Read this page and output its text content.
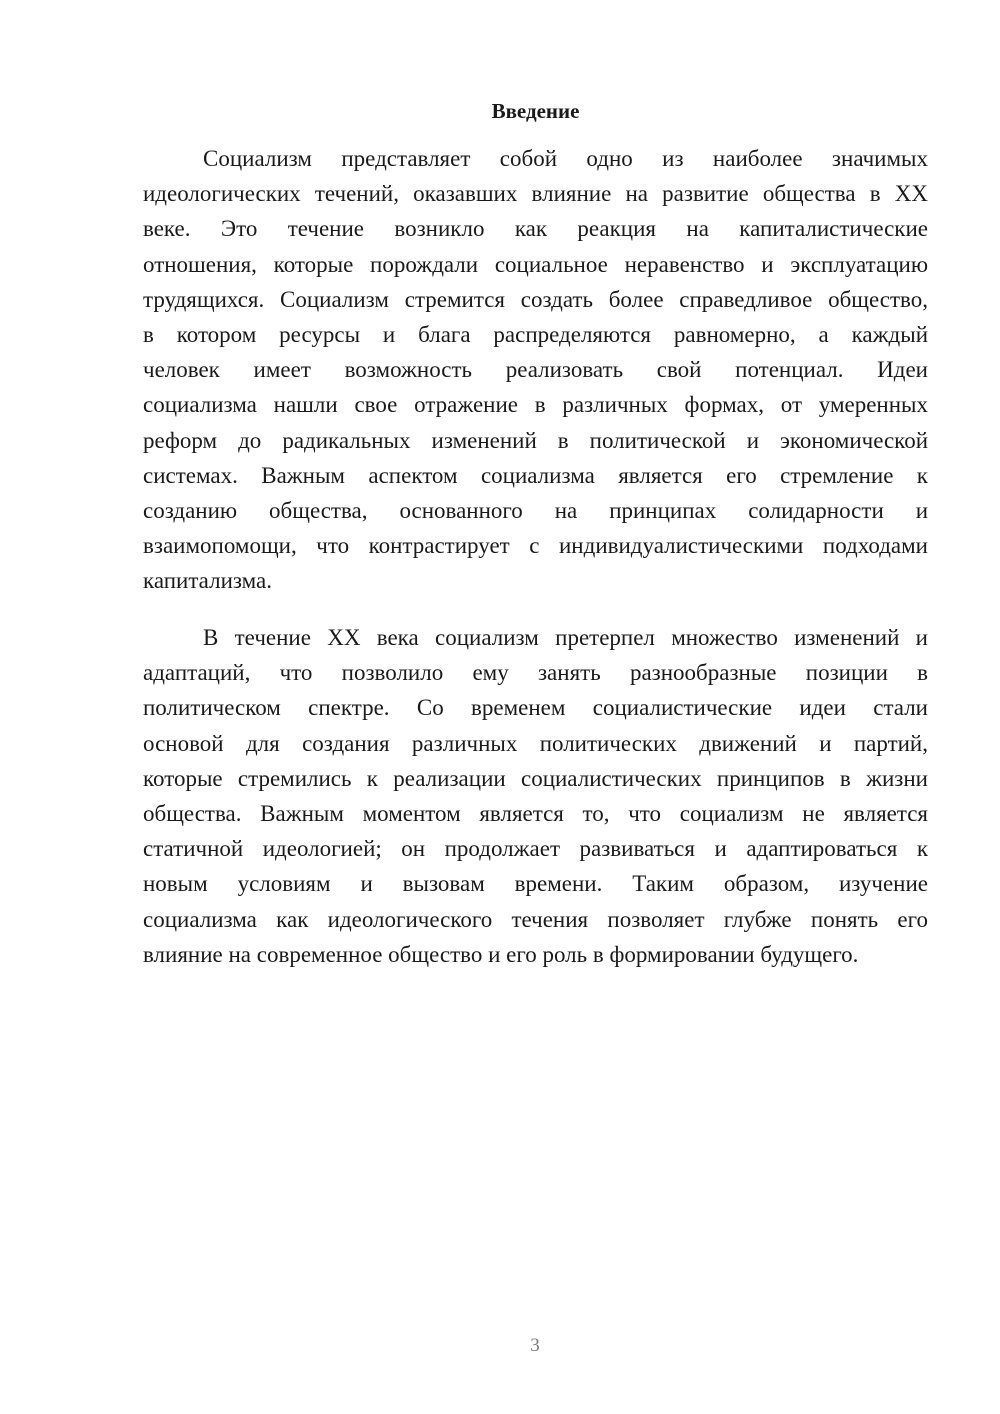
Введение
Социализм представляет собой одно из наиболее значимых
идеологических течений, оказавших влияние на развитие общества в XX
веке. Это течение возникло как реакция на капиталистические
отношения, которые порождали социальное неравенство и эксплуатацию
трудящихся. Социализм стремится создать более справедливое общество,
в котором ресурсы и блага распределяются равномерно, а каждый
человек имеет возможность реализовать свой потенциал. Идеи
социализма нашли свое отражение в различных формах, от умеренных
реформ до радикальных изменений в политической и экономической
системах. Важным аспектом социализма является его стремление к
созданию общества, основанного на принципах солидарности и
взаимопомощи, что контрастирует с индивидуалистическими подходами
капитализма.
В течение XX века социализм претерпел множество изменений и
адаптаций, что позволило ему занять разнообразные позиции в
политическом спектре. Со временем социалистические идеи стали
основой для создания различных политических движений и партий,
которые стремились к реализации социалистических принципов в жизни
общества. Важным моментом является то, что социализм не является
статичной идеологией; он продолжает развиваться и адаптироваться к
новым условиям и вызовам времени. Таким образом, изучение
социализма как идеологического течения позволяет глубже понять его
влияние на современное общество и его роль в формировании будущего.
3
